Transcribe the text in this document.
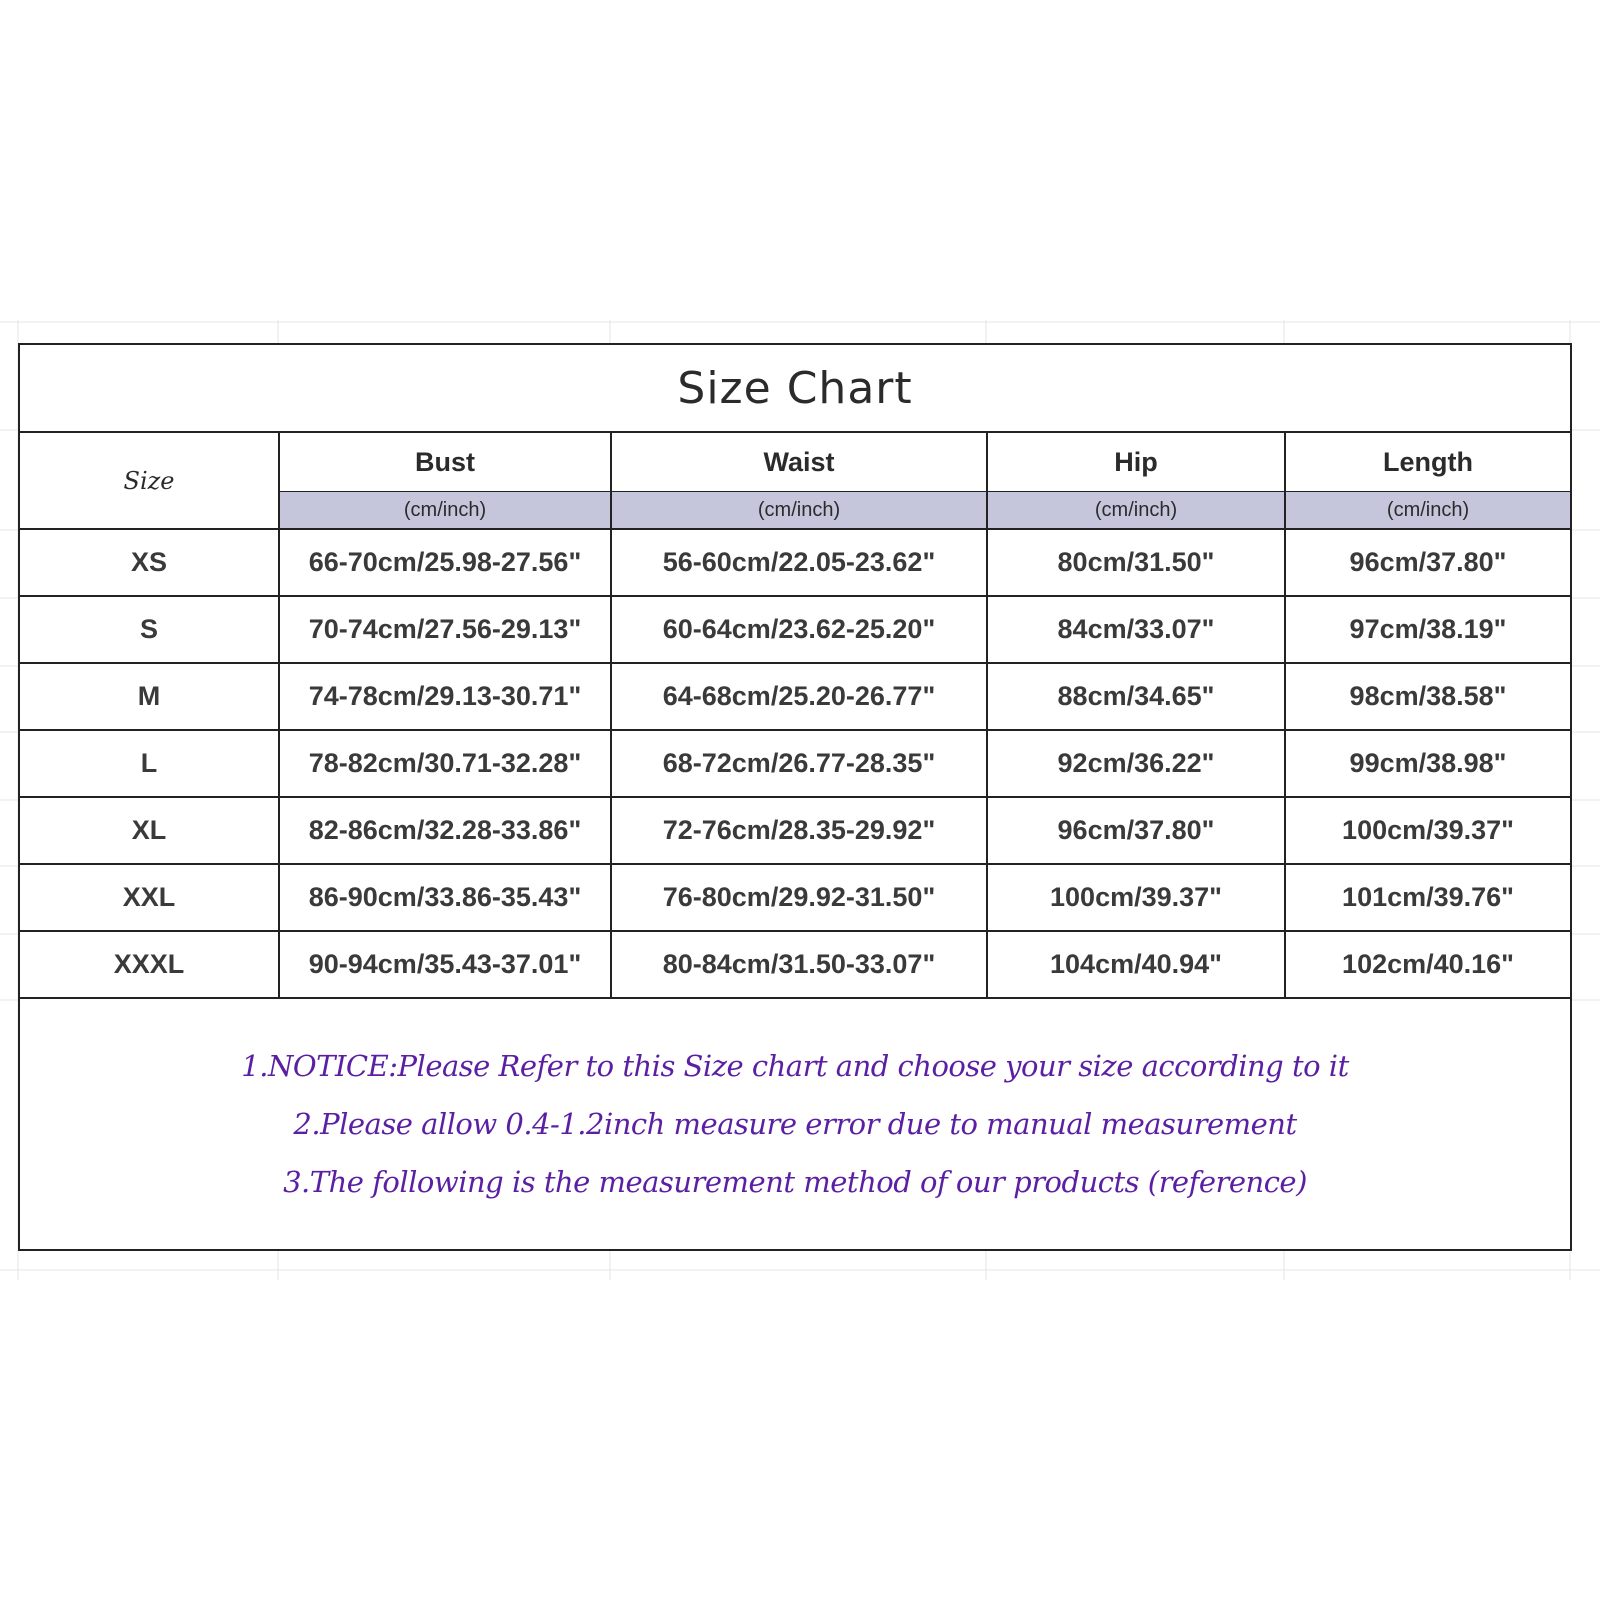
Size Chart				
Size	Bust	Waist	Hip	Length
	(cm/inch)	(cm/inch)	(cm/inch)	(cm/inch)
XS	66-70cm/25.98-27.56"	56-60cm/22.05-23.62"	80cm/31.50"	96cm/37.80"
S	70-74cm/27.56-29.13"	60-64cm/23.62-25.20"	84cm/33.07"	97cm/38.19"
M	74-78cm/29.13-30.71"	64-68cm/25.20-26.77"	88cm/34.65"	98cm/38.58"
L	78-82cm/30.71-32.28"	68-72cm/26.77-28.35"	92cm/36.22"	99cm/38.98"
XL	82-86cm/32.28-33.86"	72-76cm/28.35-29.92"	96cm/37.80"	100cm/39.37"
XXL	86-90cm/33.86-35.43"	76-80cm/29.92-31.50"	100cm/39.37"	101cm/39.76"
XXXL	90-94cm/35.43-37.01"	80-84cm/31.50-33.07"	104cm/40.94"	102cm/40.16"

1.NOTICE:Please Refer to this Size chart and choose your size according to it
2.Please allow 0.4-1.2inch measure error due to manual measurement
3.The following is the measurement method of our products (reference)				
